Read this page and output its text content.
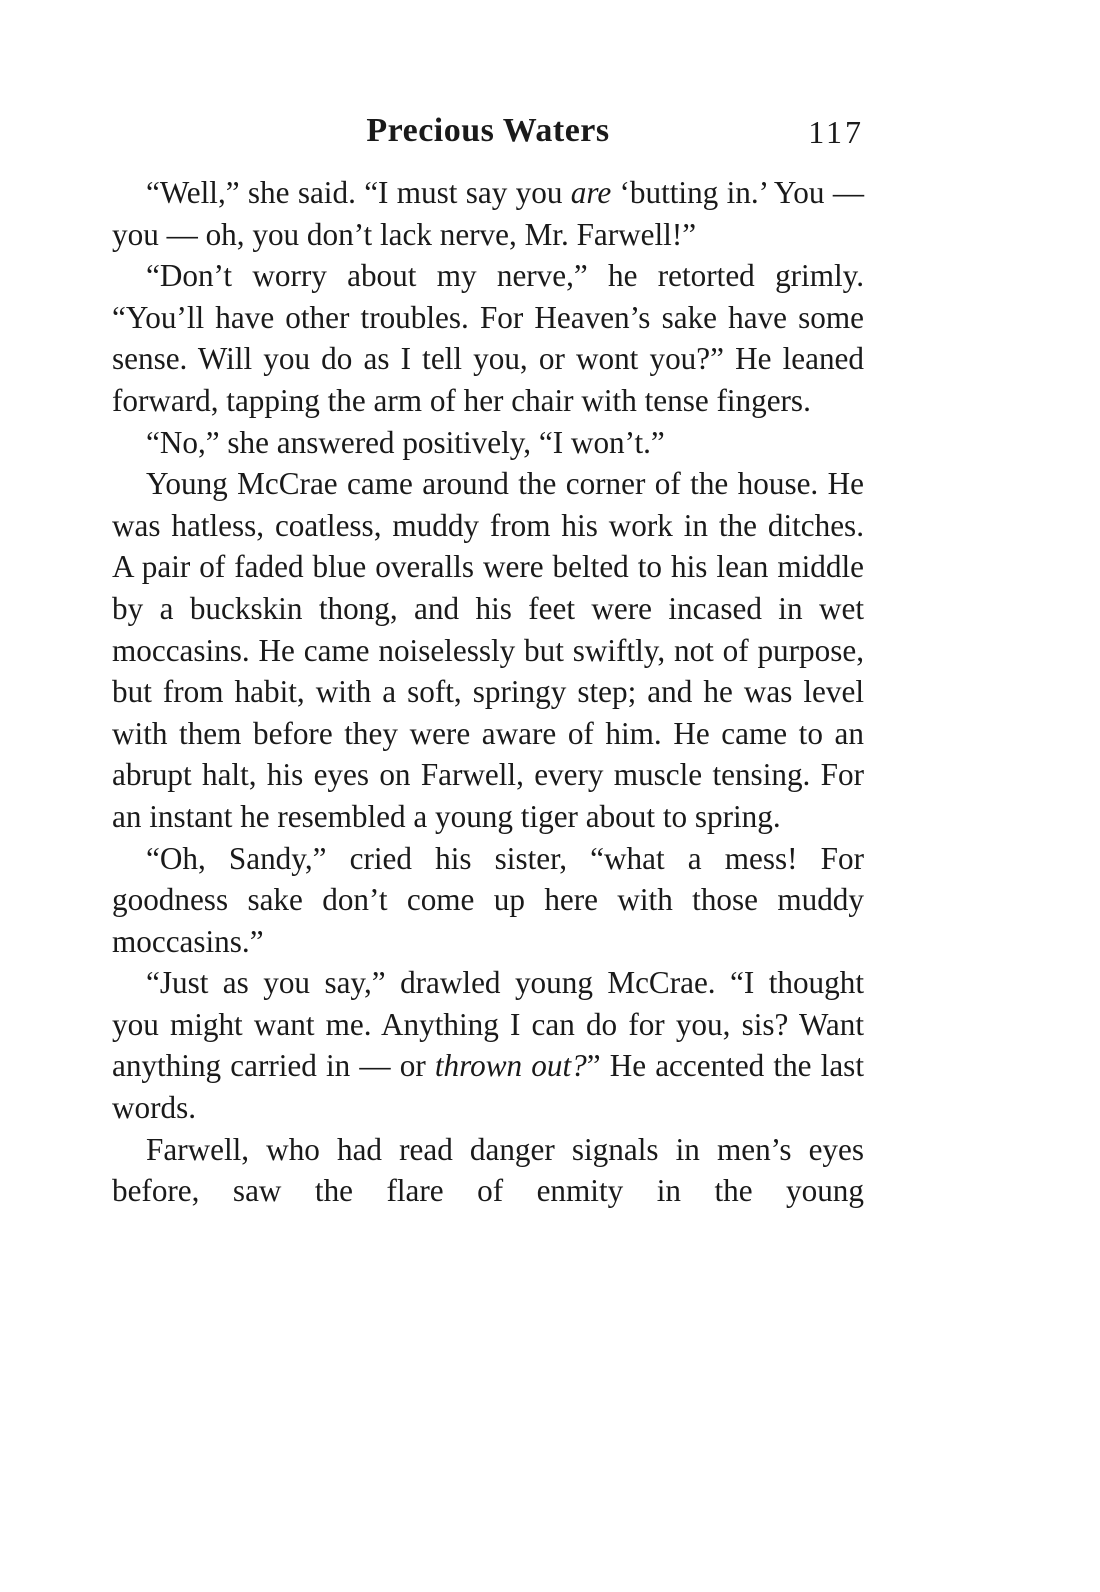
Precious Waters	117

“Well,” she said. “I must say you are ‘butting in.’ You — you — oh, you don’t lack nerve, Mr. Farwell!”

“Don’t worry about my nerve,” he retorted grimly. “You’ll have other troubles. For Heaven’s sake have some sense. Will you do as I tell you, or wont you?” He leaned forward, tapping the arm of her chair with tense fingers.

“No,” she answered positively, “I won’t.”

Young McCrae came around the corner of the house. He was hatless, coatless, muddy from his work in the ditches. A pair of faded blue overalls were belted to his lean middle by a buckskin thong, and his feet were incased in wet moccasins. He came noiselessly but swiftly, not of purpose, but from habit, with a soft, springy step; and he was level with them before they were aware of him. He came to an abrupt halt, his eyes on Farwell, every muscle tensing. For an instant he resembled a young tiger about to spring.

“Oh, Sandy,” cried his sister, “what a mess! For goodness sake don’t come up here with those muddy moccasins.”

“Just as you say,” drawled young McCrae. “I thought you might want me. Anything I can do for you, sis? Want anything carried in — or thrown out?” He accented the last words.

Farwell, who had read danger signals in men’s eyes before, saw the flare of enmity in the young
